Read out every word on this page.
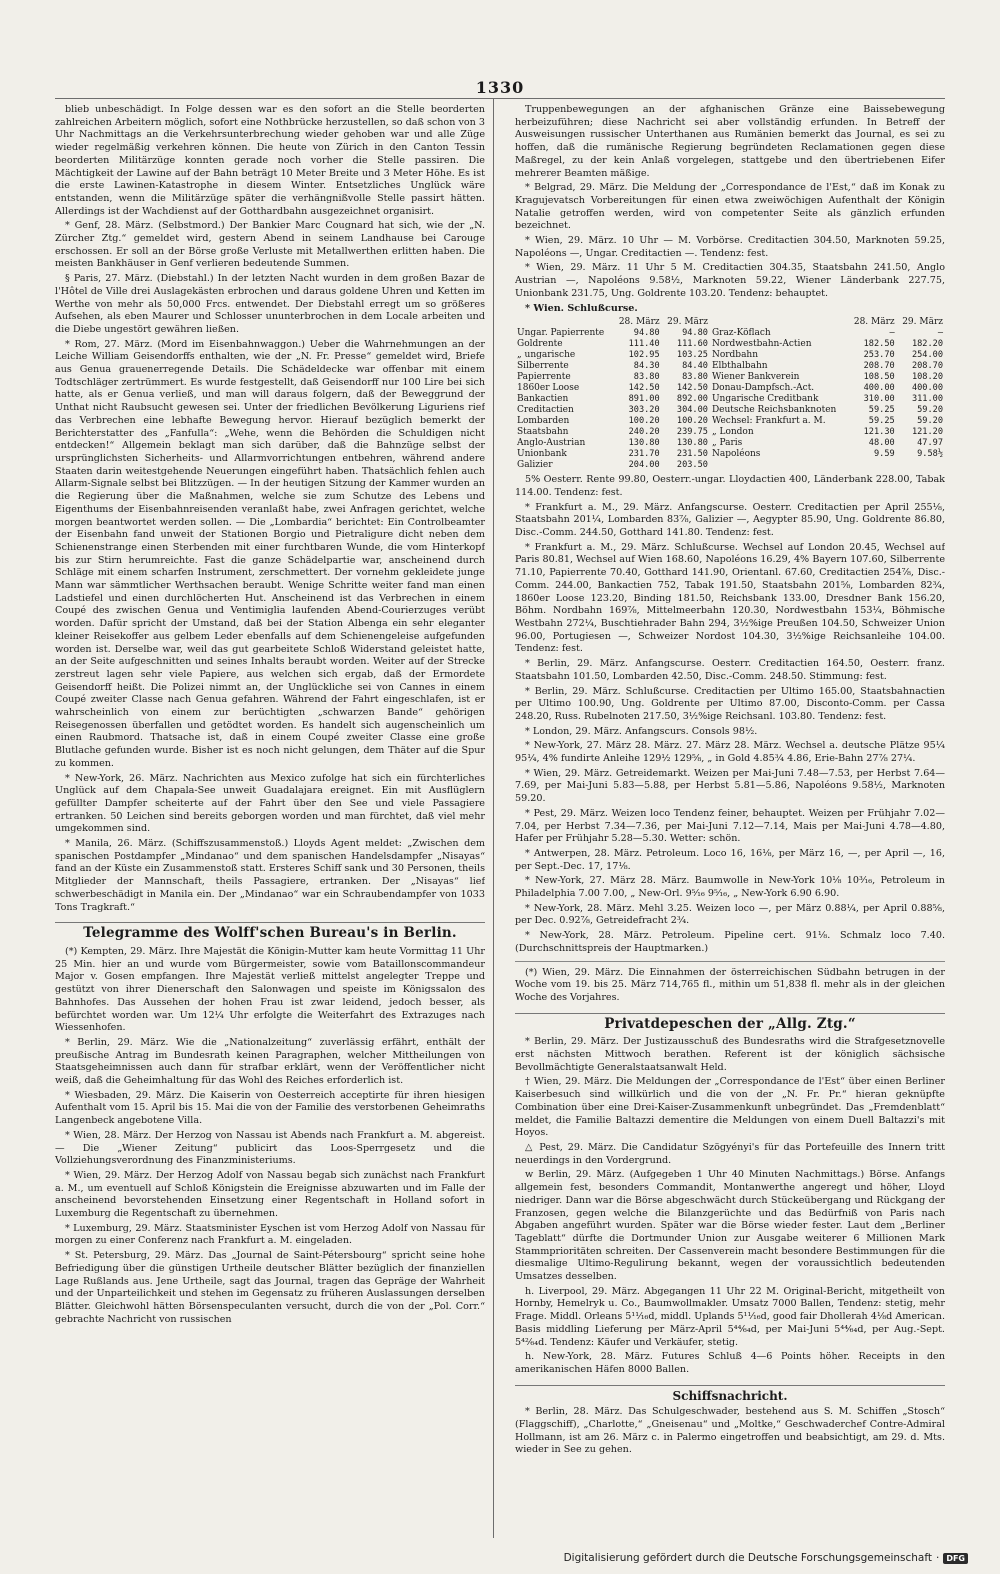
1330

blieb unbeschädigt. In Folge dessen war es den sofort an die Stelle beorderten zahlreichen Arbeitern möglich, sofort eine Nothbrücke herzustellen, so daß schon von 3 Uhr Nachmittags an die Verkehrsunterbrechung wieder gehoben war und alle Züge wieder regelmäßig verkehren können. Die heute von Zürich in den Canton Tessin beorderten Militärzüge konnten gerade noch vorher die Stelle passiren. Die Mächtigkeit der Lawine auf der Bahn beträgt 10 Meter Breite und 3 Meter Höhe. Es ist die erste Lawinen-Katastrophe in diesem Winter. Entsetzliches Unglück wäre entstanden, wenn die Militärzüge später die verhängnißvolle Stelle passirt hätten. Allerdings ist der Wachdienst auf der Gotthardbahn ausgezeichnet organisirt.

* Genf, 28. März. (Selbstmord.) Der Bankier Marc Cougnard hat sich, wie der „N. Zürcher Ztg.“ gemeldet wird, gestern Abend in seinem Landhause bei Carouge erschossen. Er soll an der Börse große Verluste mit Metallwerthen erlitten haben. Die meisten Bankhäuser in Genf verlieren bedeutende Summen.

§ Paris, 27. März. (Diebstahl.) In der letzten Nacht wurden in dem großen Bazar de l'Hôtel de Ville drei Auslagekästen erbrochen und daraus goldene Uhren und Ketten im Werthe von mehr als 50,000 Frcs. entwendet. Der Diebstahl erregt um so größeres Aufsehen, als eben Maurer und Schlosser ununterbrochen in dem Locale arbeiten und die Diebe ungestört gewähren ließen.

* Rom, 27. März. (Mord im Eisenbahnwaggon.) Ueber die Wahrnehmungen an der Leiche William Geisendorffs enthalten, wie der „N. Fr. Presse“ gemeldet wird, Briefe aus Genua grauenerregende Details. Die Schädeldecke war offenbar mit einem Todtschläger zertrümmert. Es wurde festgestellt, daß Geisendorff nur 100 Lire bei sich hatte, als er Genua verließ, und man will daraus folgern, daß der Beweggrund der Unthat nicht Raubsucht gewesen sei. Unter der friedlichen Bevölkerung Liguriens rief das Verbrechen eine lebhafte Bewegung hervor. Hierauf bezüglich bemerkt der Berichterstatter des „Fanfulla“: „Wehe, wenn die Behörden die Schuldigen nicht entdecken!“ Allgemein beklagt man sich darüber, daß die Bahnzüge selbst der ursprünglichsten Sicherheits- und Allarmvorrichtungen entbehren, während andere Staaten darin weitestgehende Neuerungen eingeführt haben. Thatsächlich fehlen auch Allarm-Signale selbst bei Blitzzügen. — In der heutigen Sitzung der Kammer wurden an die Regierung über die Maßnahmen, welche sie zum Schutze des Lebens und Eigenthums der Eisenbahnreisenden veranlaßt habe, zwei Anfragen gerichtet, welche morgen beantwortet werden sollen. — Die „Lombardia“ berichtet: Ein Controlbeamter der Eisenbahn fand unweit der Stationen Borgio und Pietraligure dicht neben dem Schienenstrange einen Sterbenden mit einer furchtbaren Wunde, die vom Hinterkopf bis zur Stirn herumreichte. Fast die ganze Schädelpartie war, anscheinend durch Schläge mit einem scharfen Instrument, zerschmettert. Der vornehm gekleidete junge Mann war sämmtlicher Werthsachen beraubt. Wenige Schritte weiter fand man einen Ladstiefel und einen durchlöcherten Hut. Anscheinend ist das Verbrechen in einem Coupé des zwischen Genua und Ventimiglia laufenden Abend-Courierzuges verübt worden. Dafür spricht der Umstand, daß bei der Station Albenga ein sehr eleganter kleiner Reisekoffer aus gelbem Leder ebenfalls auf dem Schienengeleise aufgefunden worden ist. Derselbe war, weil das gut gearbeitete Schloß Widerstand geleistet hatte, an der Seite aufgeschnitten und seines Inhalts beraubt worden. Weiter auf der Strecke zerstreut lagen sehr viele Papiere, aus welchen sich ergab, daß der Ermordete Geisendorff heißt. Die Polizei nimmt an, der Unglückliche sei von Cannes in einem Coupé zweiter Classe nach Genua gefahren. Während der Fahrt eingeschlafen, ist er wahrscheinlich von einem zur berüchtigten „schwarzen Bande“ gehörigen Reisegenossen überfallen und getödtet worden. Es handelt sich augenscheinlich um einen Raubmord. Thatsache ist, daß in einem Coupé zweiter Classe eine große Blutlache gefunden wurde. Bisher ist es noch nicht gelungen, dem Thäter auf die Spur zu kommen.

* New-York, 26. März. Nachrichten aus Mexico zufolge hat sich ein fürchterliches Unglück auf dem Chapala-See unweit Guadalajara ereignet. Ein mit Ausflüglern gefüllter Dampfer scheiterte auf der Fahrt über den See und viele Passagiere ertranken. 50 Leichen sind bereits geborgen worden und man fürchtet, daß viel mehr umgekommen sind.

* Manila, 26. März. (Schiffszusammenstoß.) Lloyds Agent meldet: „Zwischen dem spanischen Postdampfer „Mindanao“ und dem spanischen Handelsdampfer „Nisayas“ fand an der Küste ein Zusammenstoß statt. Ersteres Schiff sank und 30 Personen, theils Mitglieder der Mannschaft, theils Passagiere, ertranken. Der „Nisayas“ lief schwerbeschädigt in Manila ein. Der „Mindanao“ war ein Schraubendampfer von 1033 Tons Tragkraft.“

Telegramme des Wolff'schen Bureau's in Berlin.

(*) Kempten, 29. März. Ihre Majestät die Königin-Mutter kam heute Vormittag 11 Uhr 25 Min. hier an und wurde vom Bürgermeister, sowie vom Bataillonscommandeur Major v. Gosen empfangen. Ihre Majestät verließ mittelst angelegter Treppe und gestützt von ihrer Dienerschaft den Salonwagen und speiste im Königssalon des Bahnhofes. Das Aussehen der hohen Frau ist zwar leidend, jedoch besser, als befürchtet worden war. Um 12¼ Uhr erfolgte die Weiterfahrt des Extrazuges nach Wiessenhofen.

* Berlin, 29. März. Wie die „Nationalzeitung“ zuverlässig erfährt, enthält der preußische Antrag im Bundesrath keinen Paragraphen, welcher Mittheilungen von Staatsgeheimnissen auch dann für strafbar erklärt, wenn der Veröffentlicher nicht weiß, daß die Geheimhaltung für das Wohl des Reiches erforderlich ist.

* Wiesbaden, 29. März. Die Kaiserin von Oesterreich acceptirte für ihren hiesigen Aufenthalt vom 15. April bis 15. Mai die von der Familie des verstorbenen Geheimraths Langenbeck angebotene Villa.

* Wien, 28. März. Der Herzog von Nassau ist Abends nach Frankfurt a. M. abgereist. — Die „Wiener Zeitung“ publicirt das Loos-Sperrgesetz und die Vollziehungsverordnung des Finanzministeriums.

* Wien, 29. März. Der Herzog Adolf von Nassau begab sich zunächst nach Frankfurt a. M., um eventuell auf Schloß Königstein die Ereignisse abzuwarten und im Falle der anscheinend bevorstehenden Einsetzung einer Regentschaft in Holland sofort in Luxemburg die Regentschaft zu übernehmen.

* Luxemburg, 29. März. Staatsminister Eyschen ist vom Herzog Adolf von Nassau für morgen zu einer Conferenz nach Frankfurt a. M. eingeladen.

* St. Petersburg, 29. März. Das „Journal de Saint-Pétersbourg“ spricht seine hohe Befriedigung über die günstigen Urtheile deutscher Blätter bezüglich der finanziellen Lage Rußlands aus. Jene Urtheile, sagt das Journal, tragen das Gepräge der Wahrheit und der Unparteilichkeit und stehen im Gegensatz zu früheren Auslassungen derselben Blätter. Gleichwohl hätten Börsenspeculanten versucht, durch die von der „Pol. Corr.“ gebrachte Nachricht von russischen

Truppenbewegungen an der afghanischen Gränze eine Baissebewegung herbeizuführen; diese Nachricht sei aber vollständig erfunden. In Betreff der Ausweisungen russischer Unterthanen aus Rumänien bemerkt das Journal, es sei zu hoffen, daß die rumänische Regierung begründeten Reclamationen gegen diese Maßregel, zu der kein Anlaß vorgelegen, stattgebe und den übertriebenen Eifer mehrerer Beamten mäßige.

* Belgrad, 29. März. Die Meldung der „Correspondance de l'Est,“ daß im Konak zu Kragujevatsch Vorbereitungen für einen etwa zweiwöchigen Aufenthalt der Königin Natalie getroffen werden, wird von competenter Seite als gänzlich erfunden bezeichnet.

* Wien, 29. März. 10 Uhr — M. Vorbörse. Creditactien 304.50, Marknoten 59.25, Napoléons —, Ungar. Creditactien —. Tendenz: fest.

* Wien, 29. März. 11 Uhr 5 M. Creditactien 304.35, Staatsbahn 241.50, Anglo Austrian —, Napoléons 9.58½, Marknoten 59.22, Wiener Länderbank 227.75, Unionbank 231.75, Ung. Goldrente 103.20. Tendenz: behauptet.

* Wien. Schlußcurse.
	28. März	29. März		28. März	29. März
Ungar. Papierrente	94.80	94.80	Graz-Köflach	—	—
Goldrente	111.40	111.60	Nordwestbahn-Actien	182.50	182.20
„ ungarische	102.95	103.25	Nordbahn	253.70	254.00
Silberrente	84.30	84.40	Elbthalbahn	208.70	208.70
Papierrente	83.80	83.80	Wiener Bankverein	108.50	108.20
1860er Loose	142.50	142.50	Donau-Dampfsch.-Act.	400.00	400.00
Bankactien	891.00	892.00	Ungarische Creditbank	310.00	311.00
Creditactien	303.20	304.00	Deutsche Reichsbanknoten	59.25	59.20
Lombarden	100.20	100.20	Wechsel: Frankfurt a. M.	59.25	59.20
Staatsbahn	240.20	239.75	„ London	121.30	121.20
Anglo-Austrian	130.80	130.80	„ Paris	48.00	47.97
Unionbank	231.70	231.50	Napoléons	9.59	9.58½
Galizier	204.00	203.50			

5% Oesterr. Rente 99.80, Oesterr.-ungar. Lloydactien 400, Länderbank 228.00, Tabak 114.00. Tendenz: fest.

* Frankfurt a. M., 29. März. Anfangscurse. Oesterr. Creditactien per April 255⅛, Staatsbahn 201¼, Lombarden 83⅞, Galizier —, Aegypter 85.90, Ung. Goldrente 86.80, Disc.-Comm. 244.50, Gotthard 141.80. Tendenz: fest.

* Frankfurt a. M., 29. März. Schlußcurse. Wechsel auf London 20.45, Wechsel auf Paris 80.81, Wechsel auf Wien 168.60, Napoléons 16.29, 4% Bayern 107.60, Silberrente 71.10, Papierrente 70.40, Gotthard 141.90, Orientanl. 67.60, Creditactien 254⅞, Disc.-Comm. 244.00, Bankactien 752, Tabak 191.50, Staatsbahn 201⅝, Lombarden 82¾, 1860er Loose 123.20, Binding 181.50, Reichsbank 133.00, Dresdner Bank 156.20, Böhm. Nordbahn 169⅞, Mittelmeerbahn 120.30, Nordwestbahn 153¼, Böhmische Westbahn 272¼, Buschtiehrader Bahn 294, 3½%ige Preußen 104.50, Schweizer Union 96.00, Portugiesen —, Schweizer Nordost 104.30, 3½%ige Reichsanleihe 104.00. Tendenz: fest.

* Berlin, 29. März. Anfangscurse. Oesterr. Creditactien 164.50, Oesterr. franz. Staatsbahn 101.50, Lombarden 42.50, Disc.-Comm. 248.50. Stimmung: fest.

* Berlin, 29. März. Schlußcurse. Creditactien per Ultimo 165.00, Staatsbahnactien per Ultimo 100.90, Ung. Goldrente per Ultimo 87.00, Disconto-Comm. per Cassa 248.20, Russ. Rubelnoten 217.50, 3½%ige Reichsanl. 103.80. Tendenz: fest.

* London, 29. März. Anfangscurs. Consols 98½.

* New-York, 27. März 28. März. 27. März 28. März. Wechsel a. deutsche Plätze 95¼ 95¼, 4% fundirte Anleihe 129½ 129⅝, „ in Gold 4.85¾ 4.86, Erie-Bahn 27⅞ 27¼.

* Wien, 29. März. Getreidemarkt. Weizen per Mai-Juni 7.48—7.53, per Herbst 7.64—7.69, per Mai-Juni 5.83—5.88, per Herbst 5.81—5.86, Napoléons 9.58½, Marknoten 59.20.

* Pest, 29. März. Weizen loco Tendenz feiner, behauptet. Weizen per Frühjahr 7.02—7.04, per Herbst 7.34—7.36, per Mai-Juni 7.12—7.14, Mais per Mai-Juni 4.78—4.80, Hafer per Frühjahr 5.28—5.30. Wetter: schön.

* Antwerpen, 28. März. Petroleum. Loco 16, 16⅛, per März 16, —, per April —, 16, per Sept.-Dec. 17, 17⅛.

* New-York, 27. März 28. März. Baumwolle in New-York 10⅛ 10³⁄₁₆, Petroleum in Philadelphia 7.00 7.00, „ New-Orl. 9⁵⁄₁₆ 9⁵⁄₁₆, „ New-York 6.90 6.90.

* New-York, 28. März. Mehl 3.25. Weizen loco —, per März 0.88¼, per April 0.88⅝, per Dec. 0.92⅞, Getreidefracht 2¾.

* New-York, 28. März. Petroleum. Pipeline cert. 91⅛. Schmalz loco 7.40. (Durchschnittspreis der Hauptmarken.)

(*) Wien, 29. März. Die Einnahmen der österreichischen Südbahn betrugen in der Woche vom 19. bis 25. März 714,765 fl., mithin um 51,838 fl. mehr als in der gleichen Woche des Vorjahres.

Privatdepeschen der „Allg. Ztg.“

* Berlin, 29. März. Der Justizausschuß des Bundesraths wird die Strafgesetznovelle erst nächsten Mittwoch berathen. Referent ist der königlich sächsische Bevollmächtigte Generalstaatsanwalt Held.

† Wien, 29. März. Die Meldungen der „Correspondance de l'Est“ über einen Berliner Kaiserbesuch sind willkürlich und die von der „N. Fr. Pr.“ hieran geknüpfte Combination über eine Drei-Kaiser-Zusammenkunft unbegründet. Das „Fremdenblatt“ meldet, die Familie Baltazzi dementire die Meldungen von einem Duell Baltazzi's mit Hoyos.

△ Pest, 29. März. Die Candidatur Szögyényi's für das Portefeuille des Innern tritt neuerdings in den Vordergrund.

w Berlin, 29. März. (Aufgegeben 1 Uhr 40 Minuten Nachmittags.) Börse. Anfangs allgemein fest, besonders Commandit, Montanwerthe angeregt und höher, Lloyd niedriger. Dann war die Börse abgeschwächt durch Stückeübergang und Rückgang der Franzosen, gegen welche die Bilanzgerüchte und das Bedürfniß von Paris nach Abgaben angeführt wurden. Später war die Börse wieder fester. Laut dem „Berliner Tageblatt“ dürfte die Dortmunder Union zur Ausgabe weiterer 6 Millionen Mark Stammprioritäten schreiten. Der Cassenverein macht besondere Bestimmungen für die diesmalige Ultimo-Regulirung bekannt, wegen der voraussichtlich bedeutenden Umsatzes desselben.

h. Liverpool, 29. März. Abgegangen 11 Uhr 22 M. Original-Bericht, mitgetheilt von Hornby, Hemelryk u. Co., Baumwollmakler. Umsatz 7000 Ballen, Tendenz: stetig, mehr Frage. Middl. Orleans 5¹¹⁄₁₆d, middl. Uplands 5¹¹⁄₁₆d, good fair Dhollerah 4⅛d American. Basis middling Lieferung per März-April 5⁴⁴⁄₆₄d, per Mai-Juni 5⁴⁴⁄₆₄d, per Aug.-Sept. 5⁴²⁄₆₄d. Tendenz: Käufer und Verkäufer, stetig.

h. New-York, 28. März. Futures Schluß 4—6 Points höher. Receipts in den amerikanischen Häfen 8000 Ballen.

Schiffsnachricht.

* Berlin, 28. März. Das Schulgeschwader, bestehend aus S. M. Schiffen „Stosch“ (Flaggschiff), „Charlotte,“ „Gneisenau“ und „Moltke,“ Geschwaderchef Contre-Admiral Hollmann, ist am 26. März c. in Palermo eingetroffen und beabsichtigt, am 29. d. Mts. wieder in See zu gehen.

Digitalisierung gefördert durch die Deutsche Forschungsgemeinschaft · DFG
